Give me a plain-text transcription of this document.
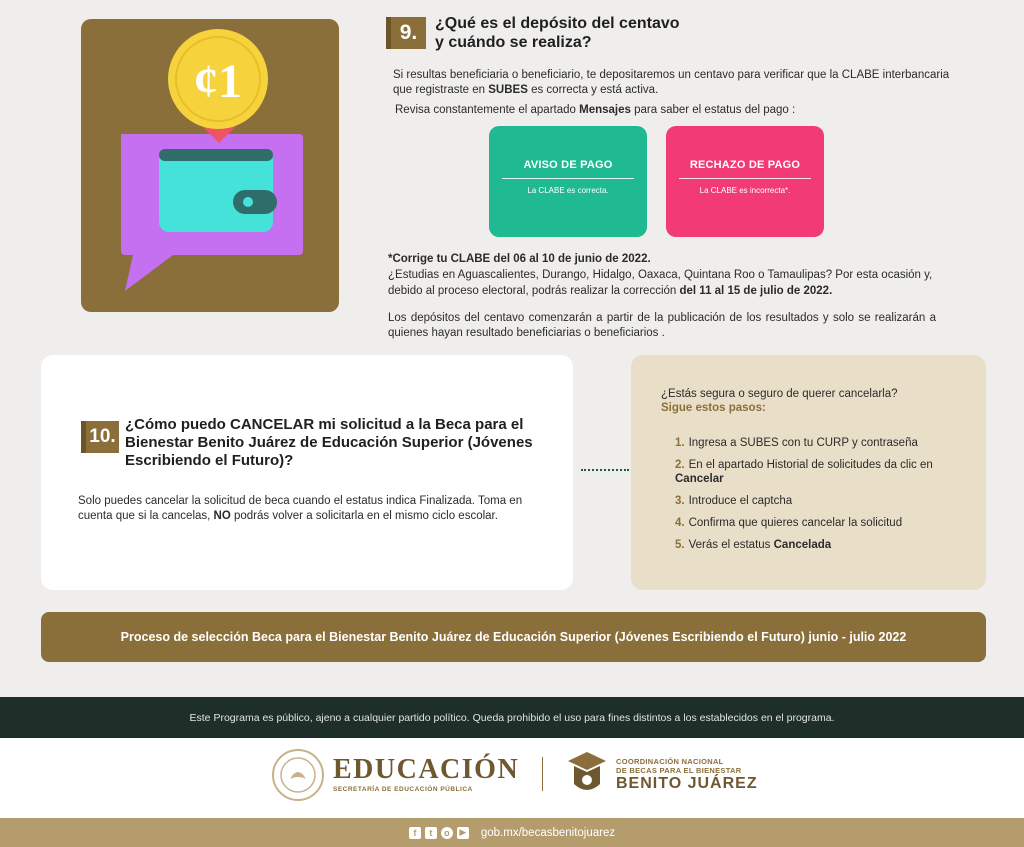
¢1
9. ¿Qué es el depósito del centavo
y cuándo se realiza?

Si resultas beneficiaria o beneficiario, te depositaremos un centavo para verificar que la CLABE interbancaria que registraste en SUBES es correcta y está activa.

Revisa constantemente el apartado Mensajes para saber el estatus del pago :

AVISO DE PAGO
La CLABE es correcta.
RECHAZO DE PAGO
La CLABE es incorrecta*.

*Corrige tu CLABE del 06 al 10 de junio de 2022.
¿Estudias en Aguascalientes, Durango, Hidalgo, Oaxaca, Quintana Roo o Tamaulipas? Por esta ocasión y, debido al proceso electoral, podrás realizar la corrección del 11 al 15 de julio de 2022.

Los depósitos del centavo comenzarán a partir de la publicación de los resultados y solo se realizarán a quienes hayan resultado beneficiarias o beneficiarios .

10.
¿Cómo puedo CANCELAR mi solicitud a la Beca para el Bienestar Benito Juárez de Educación Superior (Jóvenes Escribiendo el Futuro)?

Solo puedes cancelar la solicitud de beca cuando el estatus indica Finalizada. Toma en cuenta que si la cancelas, NO podrás volver a solicitarla en el mismo ciclo escolar.

¿Estás segura o seguro de querer cancelarla?
Sigue estos pasos:
1. Ingresa a SUBES con tu CURP y contraseña
2. En el apartado Historial de solicitudes da clic en Cancelar
3. Introduce el captcha
4. Confirma que quieres cancelar la solicitud
5. Verás el estatus Cancelada
Proceso de selección Beca para el Bienestar Benito Juárez de Educación Superior (Jóvenes Escribiendo el Futuro) junio - julio 2022
Este Programa es público, ajeno a cualquier partido político. Queda prohibido el uso para fines distintos a los establecidos en el programa.
EDUCACIÓN
SECRETARÍA DE EDUCACIÓN PÚBLICA
COORDINACIÓN NACIONAL
DE BECAS PARA EL BIENESTAR
BENITO JUÁREZ
f	t	o	▶ gob.mx/becasbenitojuarez
